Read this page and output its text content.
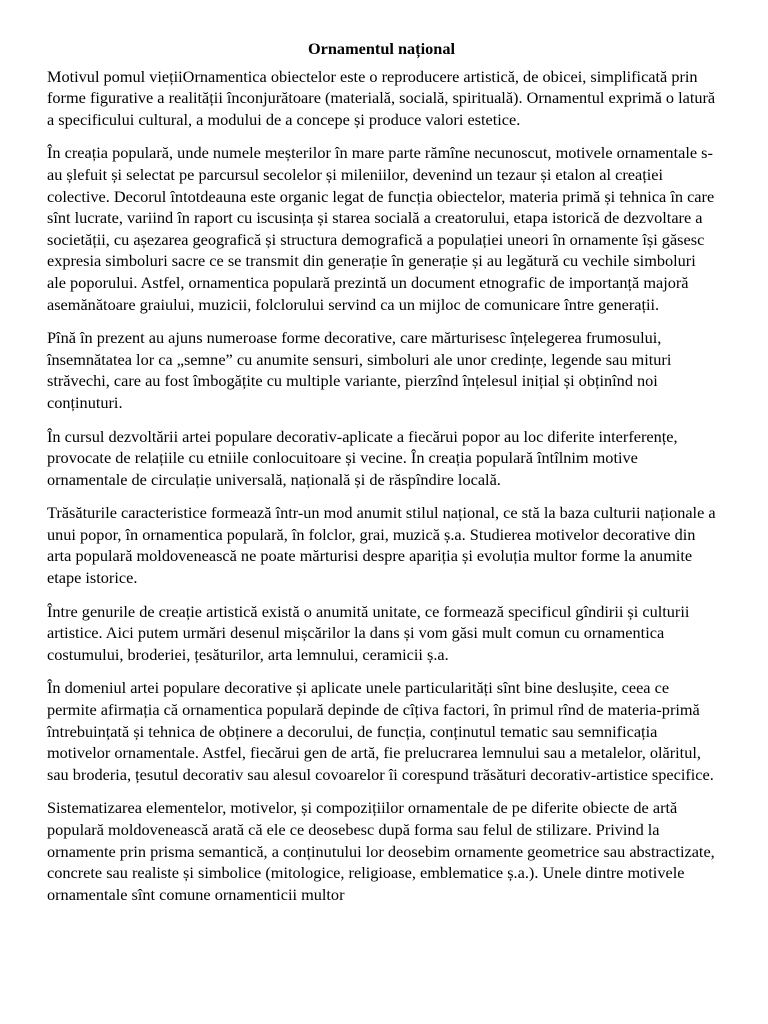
Ornamentul național

Motivul pomul viețiiOrnamentica obiectelor este o reproducere artistică, de obicei, simplificată prin forme figurative a realității înconjurătoare (materială, socială, spirituală). Ornamentul exprimă o latură a specificului cultural, a modului de a concepe și produce valori estetice.

În creația populară, unde numele meșterilor în mare parte rămîne necunoscut, motivele ornamentale s-au șlefuit și selectat pe parcursul secolelor și mileniilor, devenind un tezaur și etalon al creației colective. Decorul întotdeauna este organic legat de funcția obiectelor, materia primă și tehnica în care sînt lucrate, variind în raport cu iscusința și starea socială a creatorului, etapa istorică de dezvoltare a societății, cu așezarea geografică și structura demografică a populației uneori în ornamente își găsesc expresia simboluri sacre ce se transmit din generație în generație și au legătură cu vechile simboluri ale poporului. Astfel, ornamentica populară prezintă un document etnografic de importanță majoră asemănătoare graiului, muzicii, folclorului servind ca un mijloc de comunicare între generații.

Pînă în prezent au ajuns numeroase forme decorative, care mărturisesc înțelegerea frumosului, însemnătatea lor ca „semne” cu anumite sensuri, simboluri ale unor credințe, legende sau mituri străvechi, care au fost îmbogățite cu multiple variante, pierzînd înțelesul inițial și obținînd noi conținuturi.

În cursul dezvoltării artei populare decorativ-aplicate a fiecărui popor au loc diferite interferențe, provocate de relațiile cu etniile conlocuitoare și vecine. În creația populară întîlnim motive ornamentale de circulație universală, națională și de răspîndire locală.

Trăsăturile caracteristice formează într-un mod anumit stilul național, ce stă la baza culturii naționale a unui popor, în ornamentica populară, în folclor, grai, muzică ș.a. Studierea motivelor decorative din arta populară moldovenească ne poate mărturisi despre apariția și evoluția multor forme la anumite etape istorice.

Între genurile de creație artistică există o anumită unitate, ce formează specificul gîndirii și culturii artistice. Aici putem urmări desenul mișcărilor la dans și vom găsi mult comun cu ornamentica costumului, broderiei, țesăturilor, arta lemnului, ceramicii ș.a.

În domeniul artei populare decorative și aplicate unele particularități sînt bine deslușite, ceea ce permite afirmația că ornamentica populară depinde de cîțiva factori, în primul rînd de materia-primă întrebuințată și tehnica de obținere a decorului, de funcția, conținutul tematic sau semnificația motivelor ornamentale. Astfel, fiecărui gen de artă, fie prelucrarea lemnului sau a metalelor, olăritul, sau broderia, țesutul decorativ sau alesul covoarelor îi corespund trăsături decorativ-artistice specifice.

Sistematizarea elementelor, motivelor, și compozițiilor ornamentale de pe diferite obiecte de artă populară moldovenească arată că ele ce deosebesc după forma sau felul de stilizare. Privind la ornamente prin prisma semantică, a conținutului lor deosebim ornamente geometrice sau abstractizate, concrete sau realiste și simbolice (mitologice, religioase, emblematice ș.a.). Unele dintre motivele ornamentale sînt comune ornamenticii multor
